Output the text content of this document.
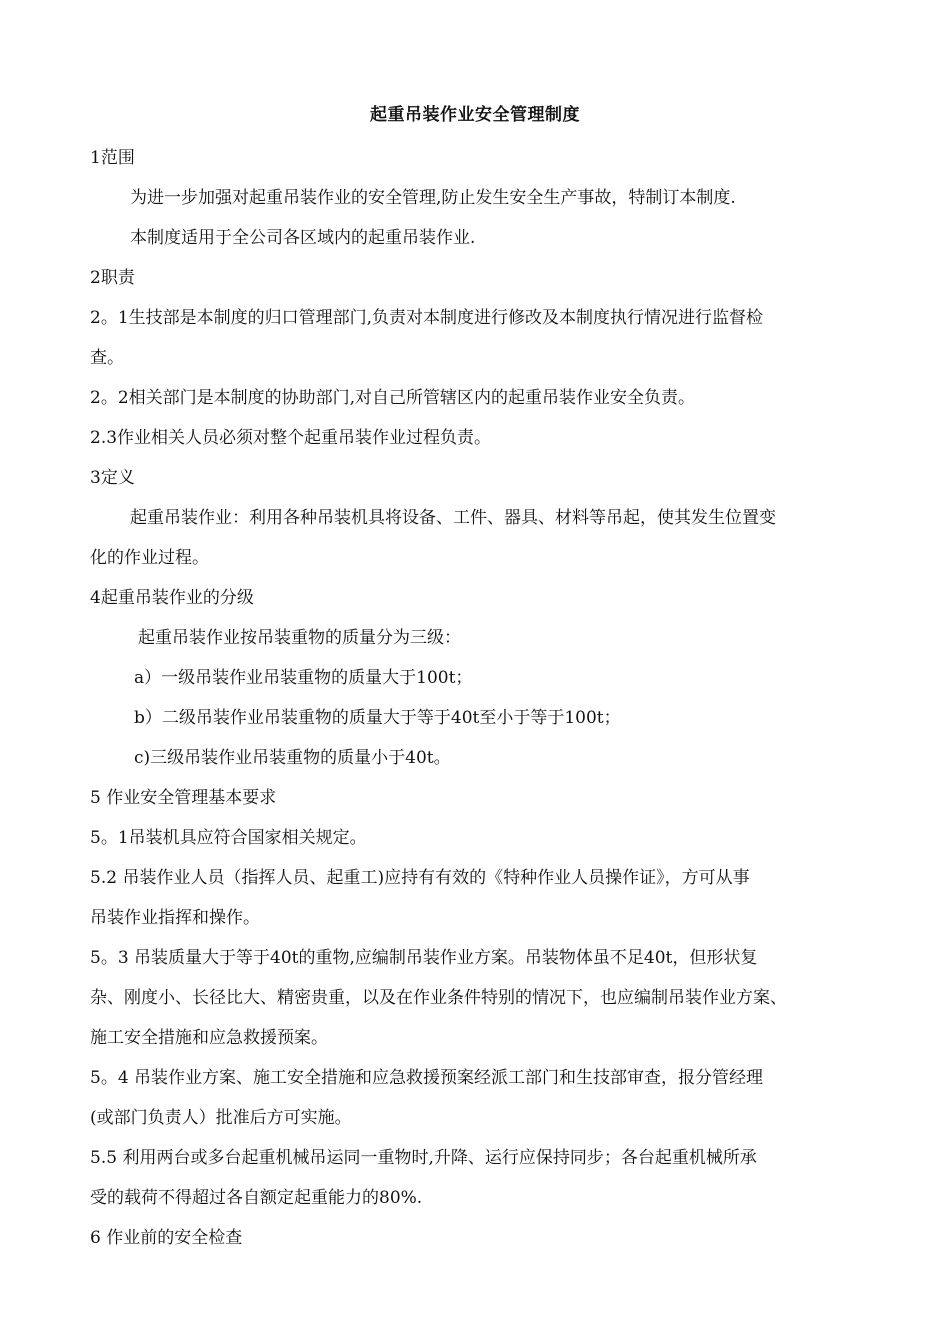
起重吊装作业安全管理制度
1范围
为进一步加强对起重吊装作业的安全管理,防止发生安全生产事故，特制订本制度.
本制度适用于全公司各区域内的起重吊装作业.
2职责
2。1生技部是本制度的归口管理部门,负责对本制度进行修改及本制度执行情况进行监督检
查。
2。2相关部门是本制度的协助部门,对自己所管辖区内的起重吊装作业安全负责。
2.3作业相关人员必须对整个起重吊装作业过程负责。
3定义
起重吊装作业：利用各种吊装机具将设备、工件、器具、材料等吊起，使其发生位置变
化的作业过程。
4起重吊装作业的分级
起重吊装作业按吊装重物的质量分为三级：
a）一级吊装作业吊装重物的质量大于100t；
b）二级吊装作业吊装重物的质量大于等于40t至小于等于100t；
c)三级吊装作业吊装重物的质量小于40t。
5 作业安全管理基本要求
5。1吊装机具应符合国家相关规定。
5.2 吊装作业人员（指挥人员、起重工)应持有有效的《特种作业人员操作证》，方可从事
吊装作业指挥和操作。
5。3 吊装质量大于等于40t的重物,应编制吊装作业方案。吊装物体虽不足40t，但形状复
杂、刚度小、长径比大、精密贵重，以及在作业条件特别的情况下，也应编制吊装作业方案、
施工安全措施和应急救援预案。
5。4 吊装作业方案、施工安全措施和应急救援预案经派工部门和生技部审查，报分管经理
(或部门负责人）批准后方可实施。
5.5 利用两台或多台起重机械吊运同一重物时,升降、运行应保持同步；各台起重机械所承
受的载荷不得超过各自额定起重能力的80%.
6 作业前的安全检查
